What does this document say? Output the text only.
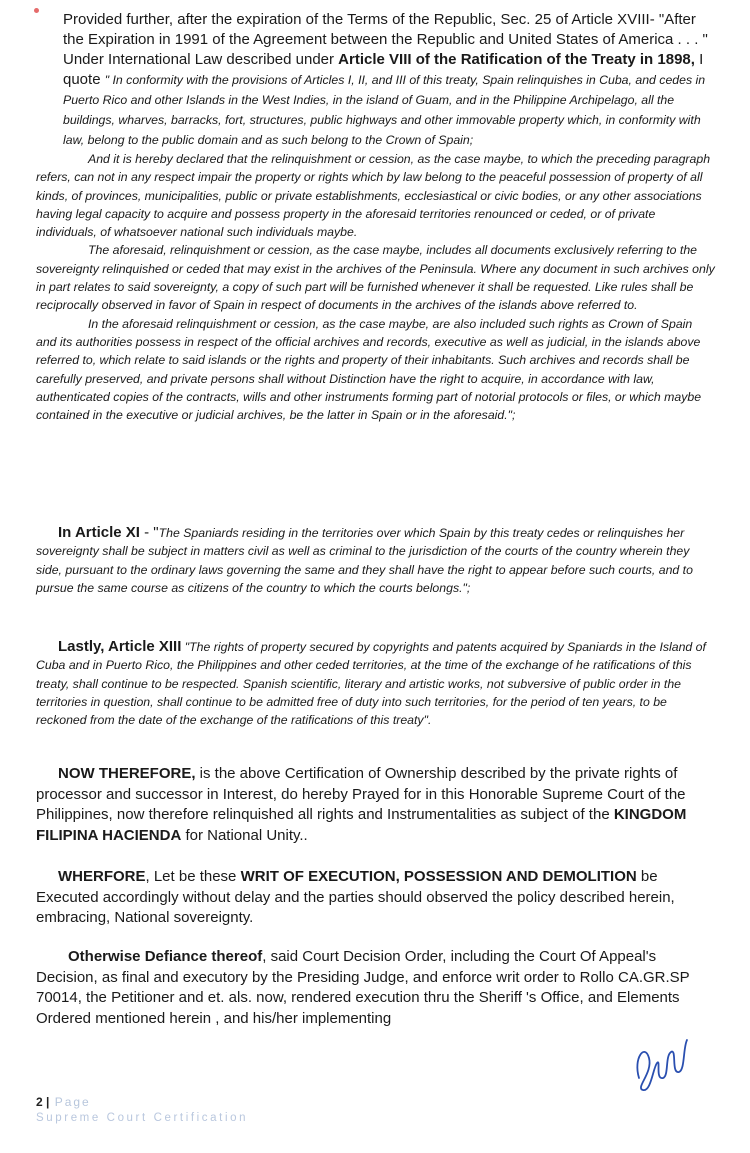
Provided further, after the expiration of the Terms of the Republic, Sec. 25 of Article XVIII- "After the Expiration in 1991 of the Agreement between the Republic and United States of America . . . " Under International Law described under Article VIII of the Ratification of the Treaty in 1898, I quote " In conformity with the provisions of Articles I, II, and III of this treaty, Spain relinquishes in Cuba, and cedes in Puerto Rico and other Islands in the West Indies, in the island of Guam, and in the Philippine Archipelago, all the buildings, wharves, barracks, fort, structures, public highways and other immovable property which, in conformity with law, belong to the public domain and as such belong to the Crown of Spain;
And it is hereby declared that the relinquishment or cession, as the case maybe, to which the preceding paragraph refers, can not in any respect impair the property or rights which by law belong to the peaceful possession of property of all kinds, of provinces, municipalities, public or private establishments, ecclesiastical or civic bodies, or any other associations having legal capacity to acquire and possess property in the aforesaid territories renounced or ceded, or of private individuals, of whatsoever national such individuals maybe.
The aforesaid, relinquishment or cession, as the case maybe, includes all documents exclusively referring to the sovereignty relinquished or ceded that may exist in the archives of the Peninsula. Where any document in such archives only in part relates to said sovereignty, a copy of such part will be furnished whenever it shall be requested. Like rules shall be reciprocally observed in favor of Spain in respect of documents in the archives of the islands above referred to.
In the aforesaid relinquishment or cession, as the case maybe, are also included such rights as Crown of Spain and its authorities possess in respect of the official archives and records, executive as well as judicial, in the islands above referred to, which relate to said islands or the rights and property of their inhabitants. Such archives and records shall be carefully preserved, and private persons shall without Distinction have the right to acquire, in accordance with law, authenticated copies of the contracts, wills and other instruments forming part of notorial protocols or files, or which maybe contained in the executive or judicial archives, be the latter in Spain or in the aforesaid.";
In Article XI - "The Spaniards residing in the territories over which Spain by this treaty cedes or relinquishes her sovereignty shall be subject in matters civil as well as criminal to the jurisdiction of the courts of the country wherein they side, pursuant to the ordinary laws governing the same and they shall have the right to appear before such courts, and to pursue the same course as citizens of the country to which the courts belongs.";
Lastly, Article XIII "The rights of property secured by copyrights and patents acquired by Spaniards in the Island of Cuba and in Puerto Rico, the Philippines and other ceded territories, at the time of the exchange of he ratifications of this treaty, shall continue to be respected. Spanish scientific, literary and artistic works, not subversive of public order in the territories in question, shall continue to be admitted free of duty into such territories, for the period of ten years, to be reckoned from the date of the exchange of the ratifications of this treaty".
NOW THEREFORE, is the above Certification of Ownership described by the private rights of processor and successor in Interest, do hereby Prayed for in this Honorable Supreme Court of the Philippines, now therefore relinquished all rights and Instrumentalities as subject of the KINGDOM FILIPINA HACIENDA for National Unity..
WHERFORE, Let be these WRIT OF EXECUTION, POSSESSION AND DEMOLITION be Executed accordingly without delay and the parties should observed the policy described herein, embracing, National sovereignty.
Otherwise Defiance thereof, said Court Decision Order, including the Court Of Appeal's Decision, as final and executory by the Presiding Judge, and enforce writ order to Rollo CA.GR.SP 70014, the Petitioner and et. als. now, rendered execution thru the Sheriff 's Office, and Elements Ordered mentioned herein , and his/her implementing
2 | Page
Supreme Court Certification
